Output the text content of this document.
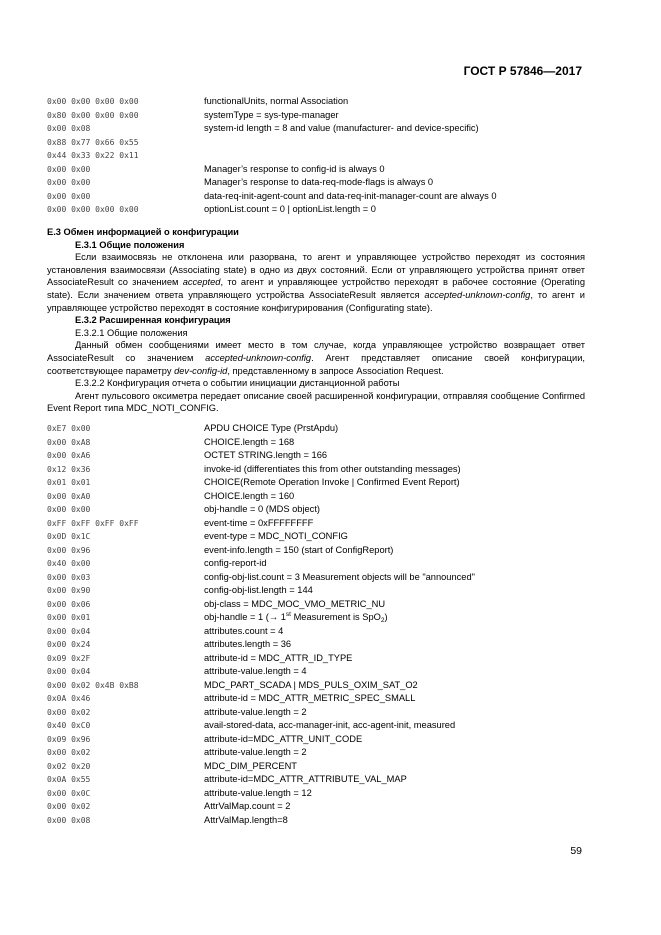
ГОСТ Р 57846—2017
0x00 0x00 0x00 0x00	functionalUnits, normal Association
0x80 0x00 0x00 0x00	systemType = sys-type-manager
0x00 0x08	system-id length = 8 and value (manufacturer- and device-specific)
0x88 0x77 0x66 0x55
0x44 0x33 0x22 0x11
0x00 0x00	Manager’s response to config-id is always 0
0x00 0x00	Manager’s response to data-req-mode-flags is always 0
0x00 0x00	data-req-init-agent-count and data-req-init-manager-count are always 0
0x00 0x00 0x00 0x00	optionList.count = 0 | optionList.length = 0

Е.3 Обмен информацией о конфигурации

Е.3.1 Общие положения

Если взаимосвязь не отклонена или разорвана, то агент и управляющее устройство переходят из состояния установления взаимосвязи (Associating state) в одно из двух состояний. Если от управляющего устройства принят ответ AssociateResult со значением accepted, то агент и управляющее устройство переходят в рабочее состояние (Operating state). Если значением ответа управляющего устройства AssociateResult является accepted-unknown-config, то агент и управляющее устройство переходят в состояние конфигурирования (Configurating state).

Е.3.2 Расширенная конфигурация

Е.3.2.1 Общие положения

Данный обмен сообщениями имеет место в том случае, когда управляющее устройство возвращает ответ AssociateResult со значением accepted-unknown-config. Агент представляет описание своей конфигурации, соответствующее параметру dev-config-id, представленному в запросе Association Request.

Е.3.2.2 Конфигурация отчета о событии инициации дистанционной работы

Агент пульсового оксиметра передает описание своей расширенной конфигурации, отправляя сообщение Confirmed Event Report типа MDC_NOTI_CONFIG.

0xE7 0x00	APDU CHOICE Type (PrstApdu)
0x00 0xA8	CHOICE.length = 168
0x00 0xA6	OCTET STRING.length = 166
0x12 0x36	invoke-id (differentiates this from other outstanding messages)
0x01 0x01	CHOICE(Remote Operation Invoke | Confirmed Event Report)
0x00 0xA0	CHOICE.length = 160
0x00 0x00	obj-handle = 0 (MDS object)
0xFF 0xFF 0xFF 0xFF	event-time = 0xFFFFFFFF
0x0D 0x1C	event-type = MDC_NOTI_CONFIG
0x00 0x96	event-info.length = 150 (start of ConfigReport)
0x40 0x00	config-report-id
0x00 0x03	config-obj-list.count = 3 Measurement objects will be "announced"
0x00 0x90	config-obj-list.length = 144
0x00 0x06	obj-class = MDC_MOC_VMO_METRIC_NU
0x00 0x01	obj-handle = 1 (→ 1st Measurement is SpO$_2$)
0x00 0x04	attributes.count = 4
0x00 0x24	attributes.length = 36
0x09 0x2F	attribute-id = MDC_ATTR_ID_TYPE
0x00 0x04	attribute-value.length = 4
0x00 0x02 0x4B 0xB8	MDC_PART_SCADA | MDS_PULS_OXIM_SAT_O2
0x0A 0x46	attribute-id = MDC_ATTR_METRIC_SPEC_SMALL
0x00 0x02	attribute-value.length = 2
0x40 0xC0	avail-stored-data, acc-manager-init, acc-agent-init, measured
0x09 0x96	attribute-id=MDC_ATTR_UNIT_CODE
0x00 0x02	attribute-value.length = 2
0x02 0x20	MDC_DIM_PERCENT
0x0A 0x55	attribute-id=MDC_ATTR_ATTRIBUTE_VAL_MAP
0x00 0x0C	attribute-value.length = 12
0x00 0x02	AttrValMap.count = 2
0x00 0x08	AttrValMap.length=8
59
